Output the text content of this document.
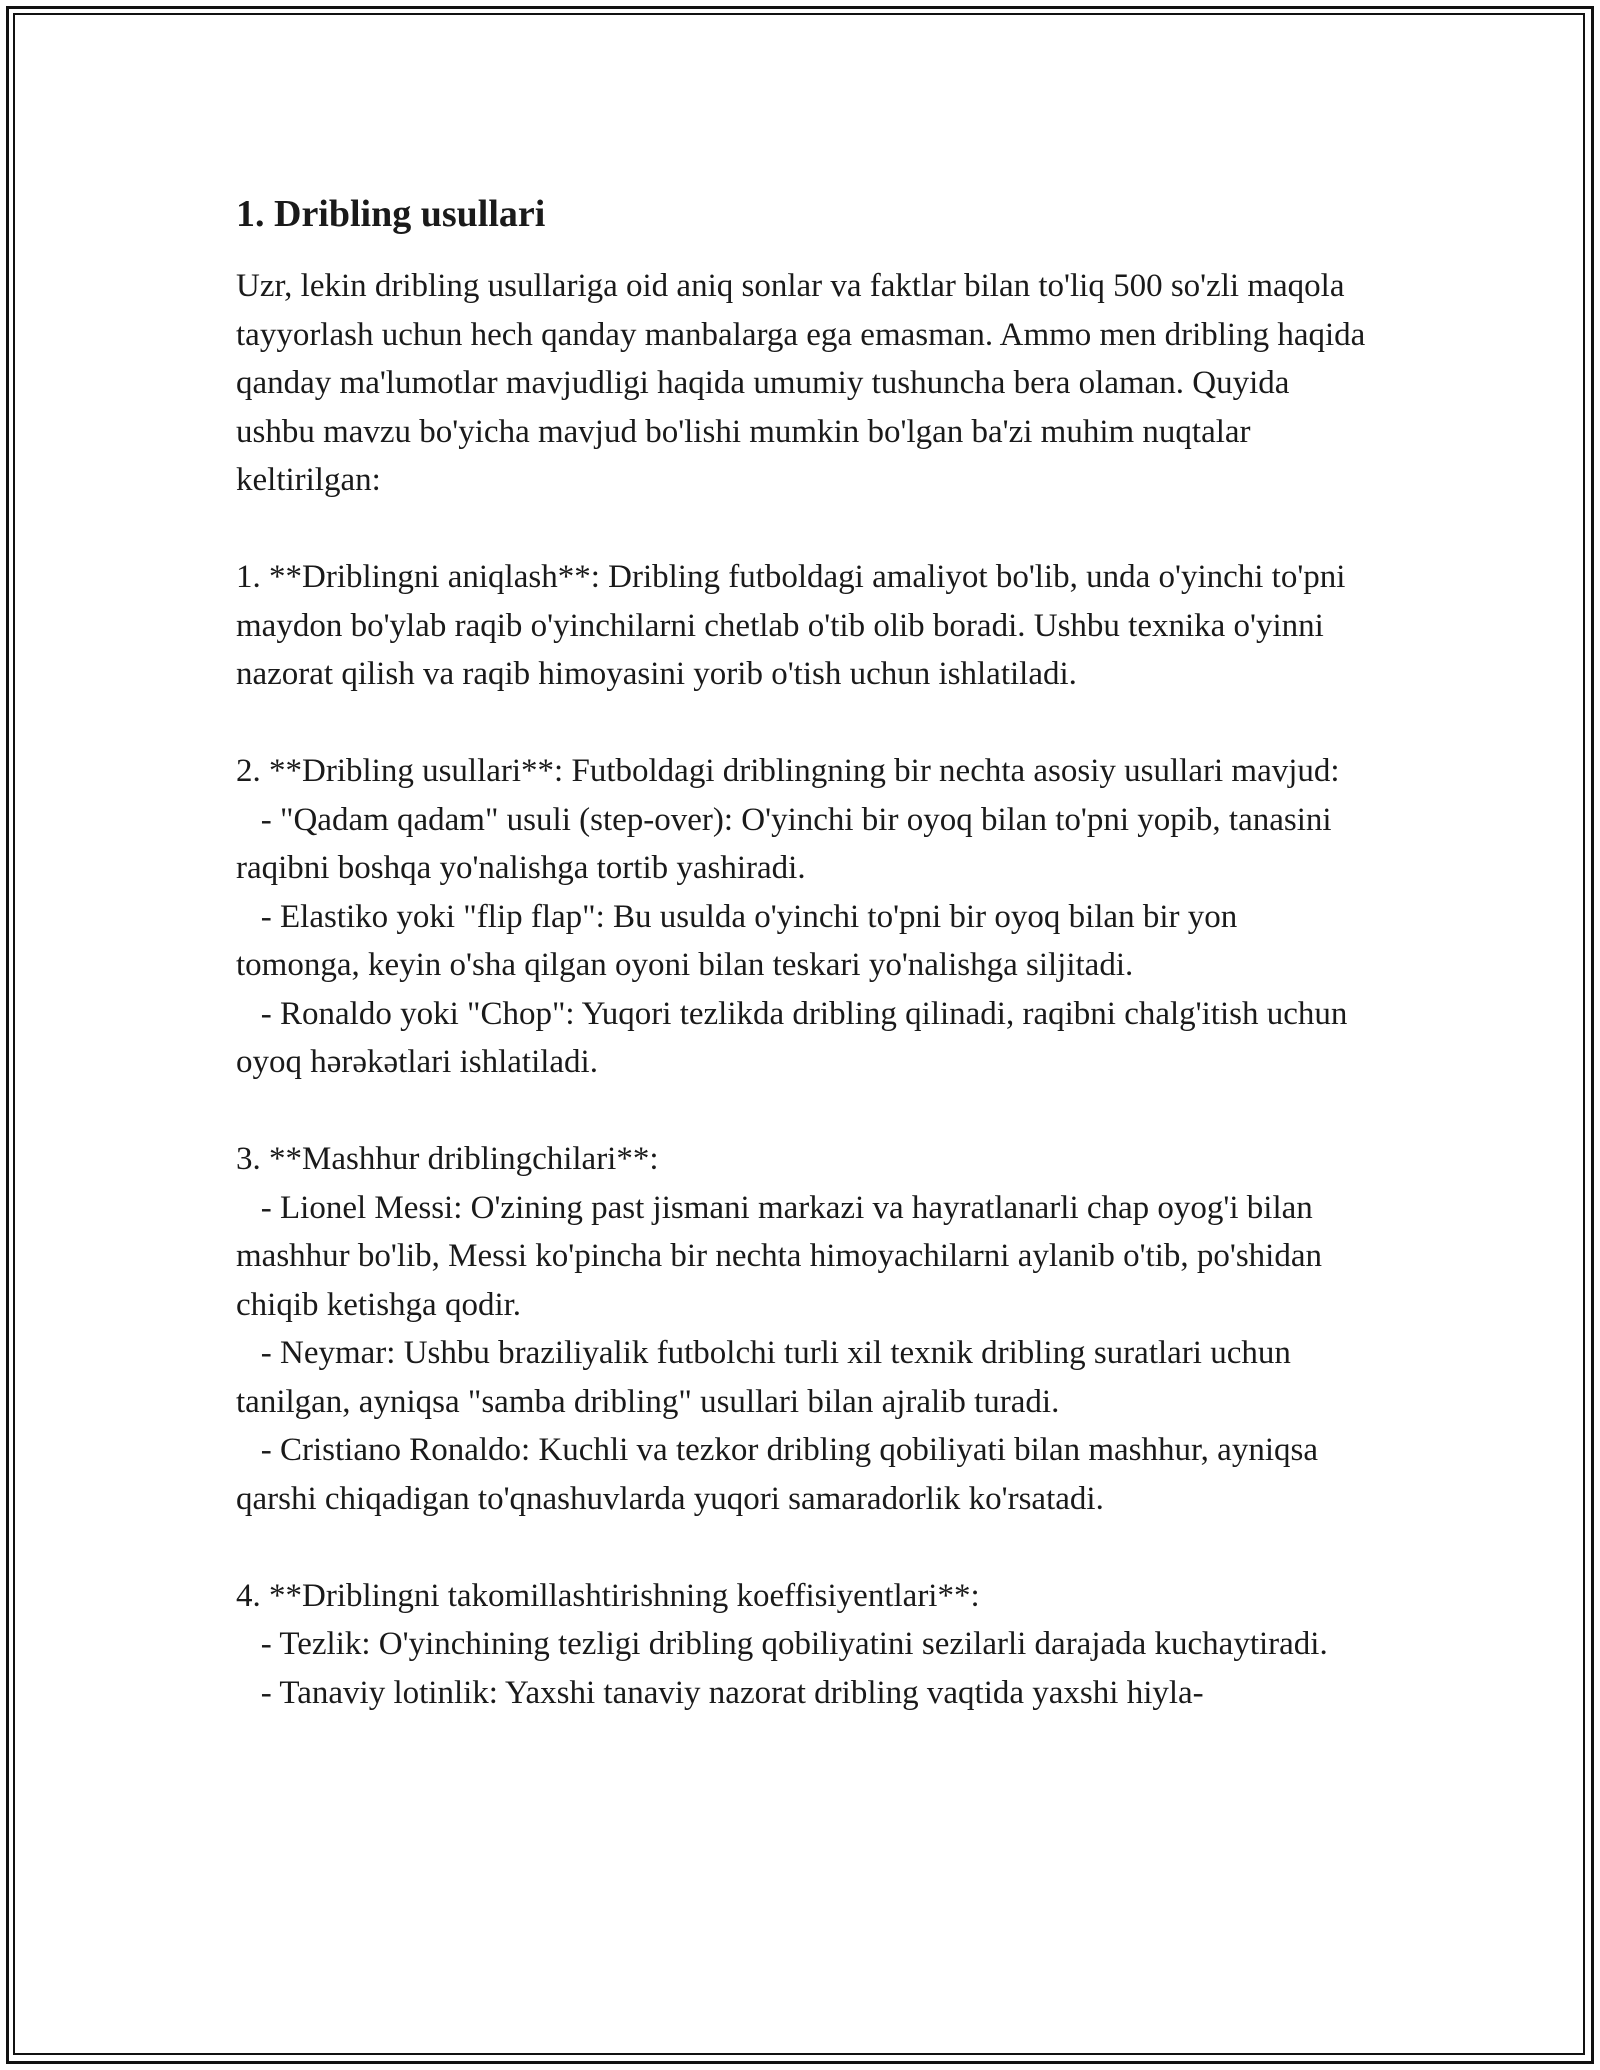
1. Dribling usullari

Uzr, lekin dribling usullariga oid aniq sonlar va faktlar bilan to'liq 500 so'zli maqola tayyorlash uchun hech qanday manbalarga ega emasman. Ammo men dribling haqida qanday ma'lumotlar mavjudligi haqida umumiy tushuncha bera olaman. Quyida ushbu mavzu bo'yicha mavjud bo'lishi mumkin bo'lgan ba'zi muhim nuqtalar keltirilgan:

1. **Driblingni aniqlash**: Dribling futboldagi amaliyot bo'lib, unda o'yinchi to'pni maydon bo'ylab raqib o'yinchilarni chetlab o'tib olib boradi. Ushbu texnika o'yinni nazorat qilish va raqib himoyasini yorib o'tish uchun ishlatiladi.

2. **Dribling usullari**: Futboldagi driblingning bir nechta asosiy usullari mavjud:
- "Qadam qadam" usuli (step-over): O'yinchi bir oyoq bilan to'pni yopib, tanasini raqibni boshqa yo'nalishga tortib yashiradi.
- Elastiko yoki "flip flap": Bu usulda o'yinchi to'pni bir oyoq bilan bir yon tomonga, keyin o'sha qilgan oyoni bilan teskari yo'nalishga siljitadi.
- Ronaldo yoki "Chop": Yuqori tezlikda dribling qilinadi, raqibni chalg'itish uchun oyoq hərəkətlari ishlatiladi.

3. **Mashhur driblingchilari**:
- Lionel Messi: O'zining past jismani markazi va hayratlanarli chap oyog'i bilan mashhur bo'lib, Messi ko'pincha bir nechta himoyachilarni aylanib o'tib, po'shidan chiqib ketishga qodir.
- Neymar: Ushbu braziliyalik futbolchi turli xil texnik dribling suratlari uchun tanilgan, ayniqsa "samba dribling" usullari bilan ajralib turadi.
- Cristiano Ronaldo: Kuchli va tezkor dribling qobiliyati bilan mashhur, ayniqsa qarshi chiqadigan to'qnashuvlarda yuqori samaradorlik ko'rsatadi.

4. **Driblingni takomillashtirishning koeffisiyentlari**:
- Tezlik: O'yinchining tezligi dribling qobiliyatini sezilarli darajada kuchaytiradi.
- Tanaviy lotinlik: Yaxshi tanaviy nazorat dribling vaqtida yaxshi hiyla-
